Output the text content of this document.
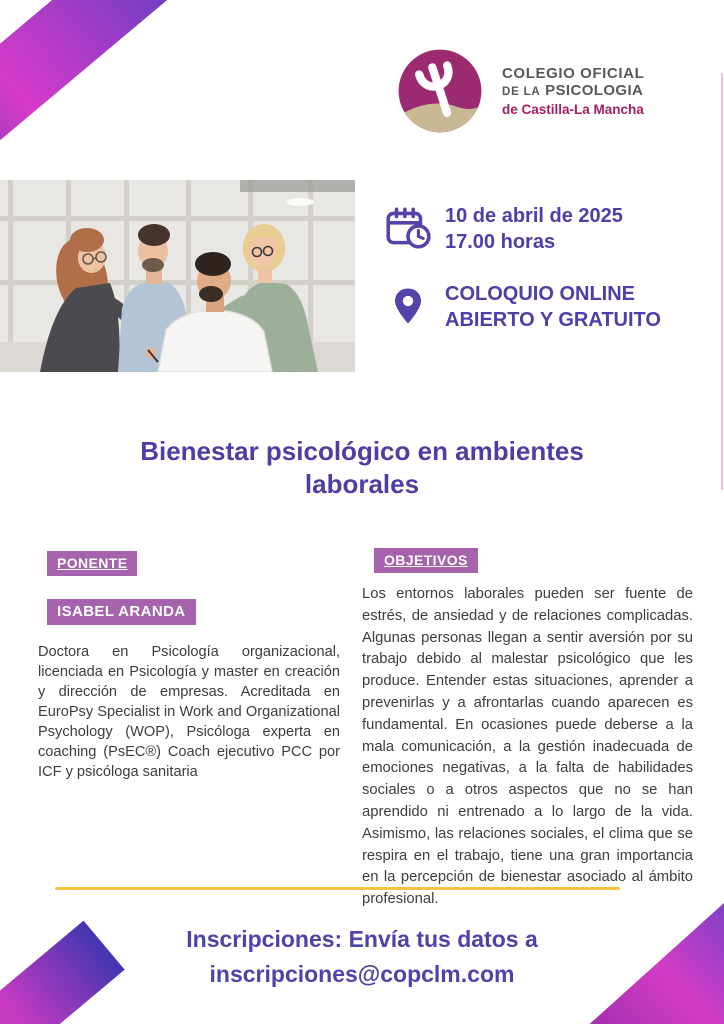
COLEGIO OFICIAL
DE LA PSICOLOGIA
de Castilla-La Mancha
10 de abril de 2025
17.00 horas
COLOQUIO ONLINE
ABIERTO Y GRATUITO
Bienestar psicológico en ambientes
laborales
PONENTE
ISABEL ARANDA
Doctora en Psicología organizacional, licenciada en Psicología y master en creación y dirección de empresas. Acreditada en EuroPsy Specialist in Work and Organizational Psychology (WOP), Psicóloga experta en coaching (PsEC®) Coach ejecutivo PCC por ICF y psicóloga sanitaria
OBJETIVOS
Los entornos laborales pueden ser fuente de estrés, de ansiedad y de relaciones complicadas. Algunas personas llegan a sentir aversión por su trabajo debido al malestar psicológico que les produce. Entender estas situaciones, aprender a prevenirlas y a afrontarlas cuando aparecen es fundamental. En ocasiones puede deberse a la mala comunicación, a la gestión inadecuada de emociones negativas, a la falta de habilidades sociales o a otros aspectos que no se han aprendido ni entrenado a lo largo de la vida. Asimismo, las relaciones sociales, el clima que se respira en el trabajo, tiene una gran importancia en la percepción de bienestar asociado al ámbito profesional.
Inscripciones: Envía tus datos a
inscripciones@copclm.com
